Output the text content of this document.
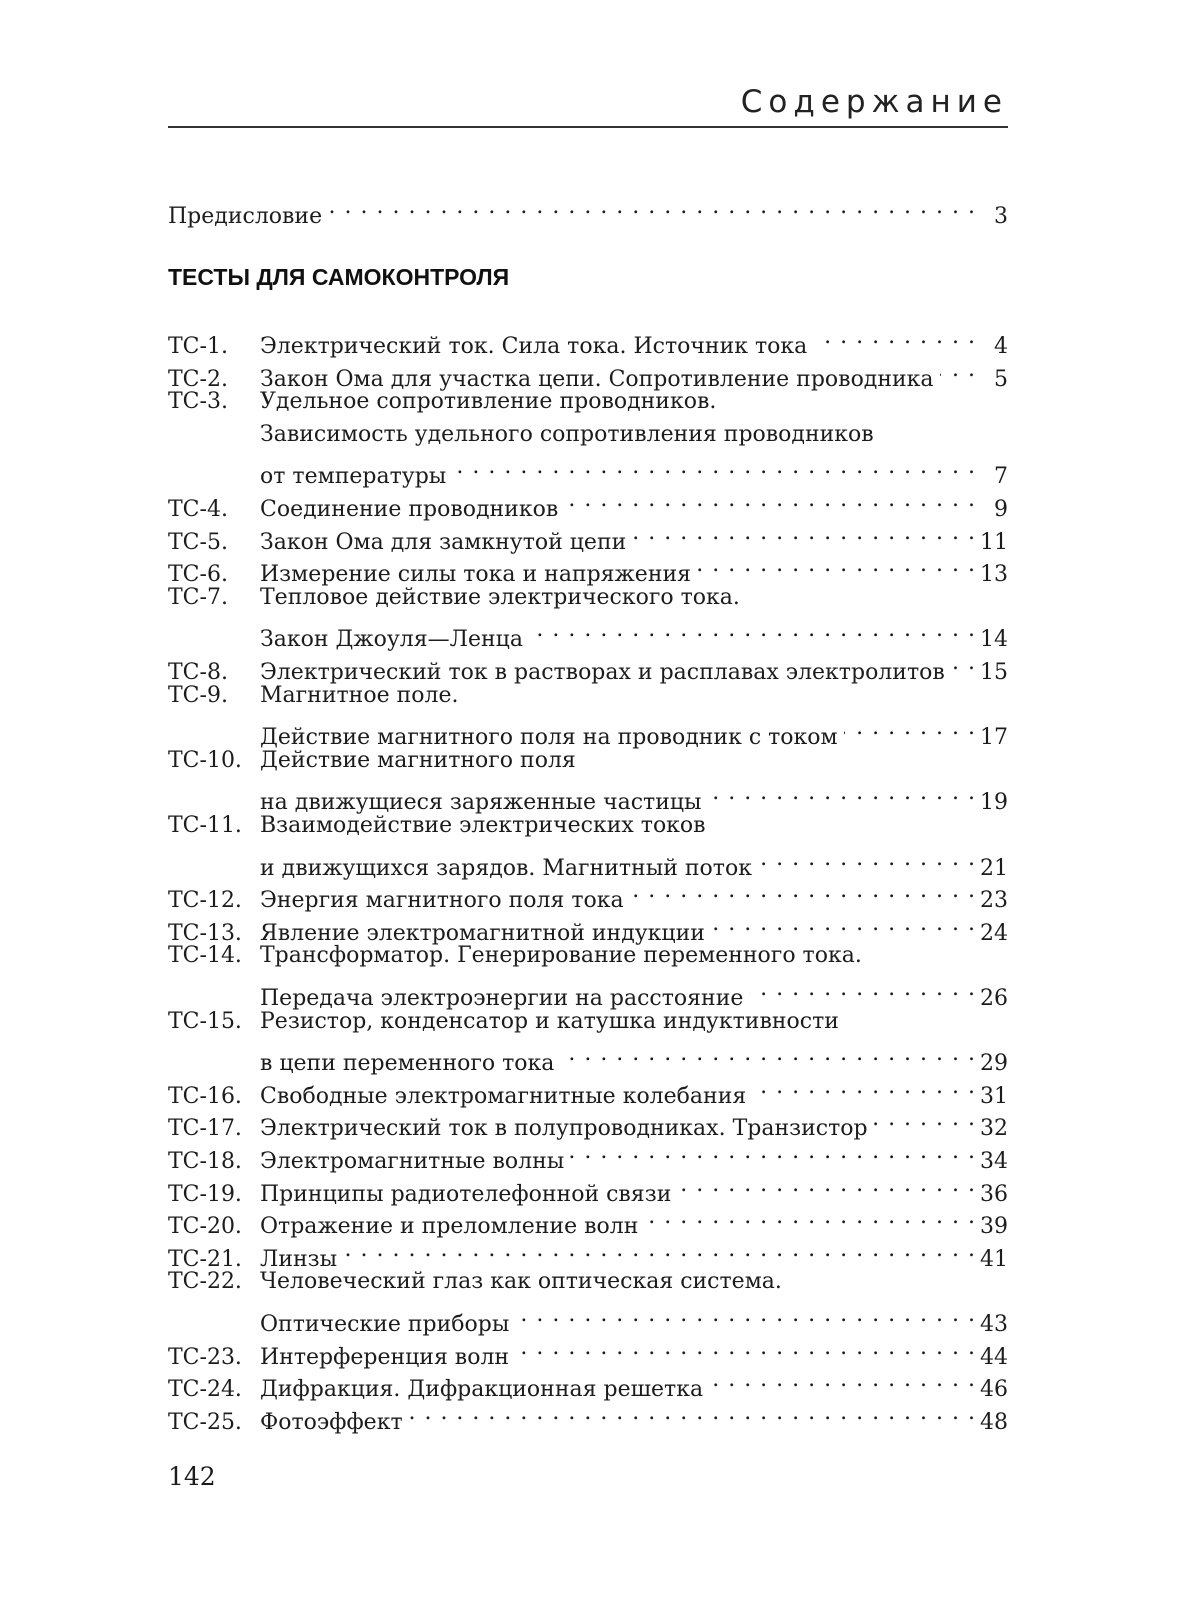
Содержание
Предисловие . . .	3
ТЕСТЫ ДЛЯ САМОКОНТРОЛЯ
ТС-1.	Электрический ток. Сила тока. Источник тока . . .	4
ТС-2.	Закон Ома для участка цепи. Сопротивление проводника . . .	5
ТС-3.	Удельное сопротивление проводников.
Зависимость удельного сопротивления проводников
от температуры . . .	7
ТС-4.	Соединение проводников . . .	9
ТС-5.	Закон Ома для замкнутой цепи . . .	11
ТС-6.	Измерение силы тока и напряжения . . .	13
ТС-7.	Тепловое действие электрического тока.
Закон Джоуля—Ленца . . .	14
ТС-8.	Электрический ток в растворах и расплавах электролитов . . . 15
ТС-9.	Магнитное поле.
Действие магнитного поля на проводник с током . . .	17
ТС-10. Действие магнитного поля
на движущиеся заряженные частицы . . .	19
ТС-11. Взаимодействие электрических токов
и движущихся зарядов. Магнитный поток . . .	21
ТС-12. Энергия магнитного поля тока . . .	23
ТС-13. Явление электромагнитной индукции . . .	24
ТС-14. Трансформатор. Генерирование переменного тока.
Передача электроэнергии на расстояние . . .	26
ТС-15. Резистор, конденсатор и катушка индуктивности
в цепи переменного тока . . .	29
ТС-16. Свободные электромагнитные колебания . . .	31
ТС-17. Электрический ток в полупроводниках. Транзистор . . .	32
ТС-18. Электромагнитные волны . . .	34
ТС-19. Принципы радиотелефонной связи . . .	36
ТС-20. Отражение и преломление волн . . .	39
ТС-21. Линзы . . .	41
ТС-22. Человеческий глаз как оптическая система.
Оптические приборы . . .	43
ТС-23. Интерференция волн . . .	44
ТС-24. Дифракция. Дифракционная решетка . . .	46
ТС-25. Фотоэффект . . .	48
142
